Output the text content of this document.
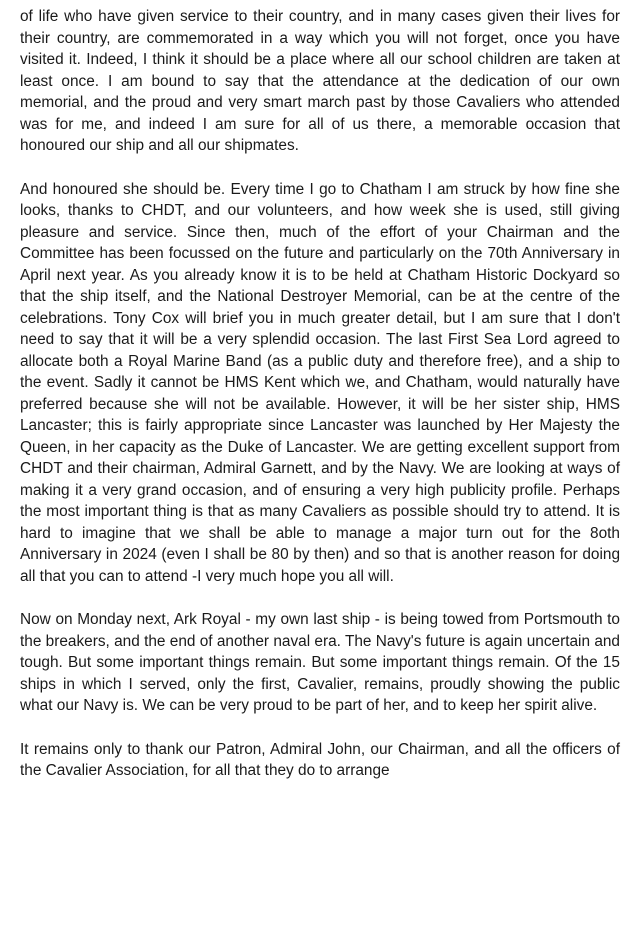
of life who have given service to their country, and in many cases given their lives for their country, are commemorated in a way which you will not forget, once you have visited it. Indeed, I think it should be a place where all our school children are taken at least once. I am bound to say that the attendance at the dedication of our own memorial, and the proud and very smart march past by those Cavaliers who attended was for me, and indeed I am sure for all of us there, a memorable occasion that honoured our ship and all our shipmates.

And honoured she should be. Every time I go to Chatham I am struck by how fine she looks, thanks to CHDT, and our volunteers, and how week she is used, still giving pleasure and service. Since then, much of the effort of your Chairman and the Committee has been focussed on the future and particularly on the 70th Anniversary in April next year. As you already know it is to be held at Chatham Historic Dockyard so that the ship itself, and the National Destroyer Memorial, can be at the centre of the celebrations. Tony Cox will brief you in much greater detail, but I am sure that I don't need to say that it will be a very splendid occasion. The last First Sea Lord agreed to allocate both a Royal Marine Band (as a public duty and therefore free), and a ship to the event. Sadly it cannot be HMS Kent which we, and Chatham, would naturally have preferred because she will not be available. However, it will be her sister ship, HMS Lancaster; this is fairly appropriate since Lancaster was launched by Her Majesty the Queen, in her capacity as the Duke of Lancaster. We are getting excellent support from CHDT and their chairman, Admiral Garnett, and by the Navy. We are looking at ways of making it a very grand occasion, and of ensuring a very high publicity profile. Perhaps the most important thing is that as many Cavaliers as possible should try to attend. It is hard to imagine that we shall be able to manage a major turn out for the 8oth Anniversary in 2024 (even I shall be 80 by then) and so that is another reason for doing all that you can to attend -I very much hope you all will.

Now on Monday next, Ark Royal - my own last ship - is being towed from Portsmouth to the breakers, and the end of another naval era. The Navy's future is again uncertain and tough. But some important things remain. But some important things remain. Of the 15 ships in which I served, only the first, Cavalier, remains, proudly showing the public what our Navy is. We can be very proud to be part of her, and to keep her spirit alive.

It remains only to thank our Patron, Admiral John, our Chairman, and all the officers of the Cavalier Association, for all that they do to arrange
